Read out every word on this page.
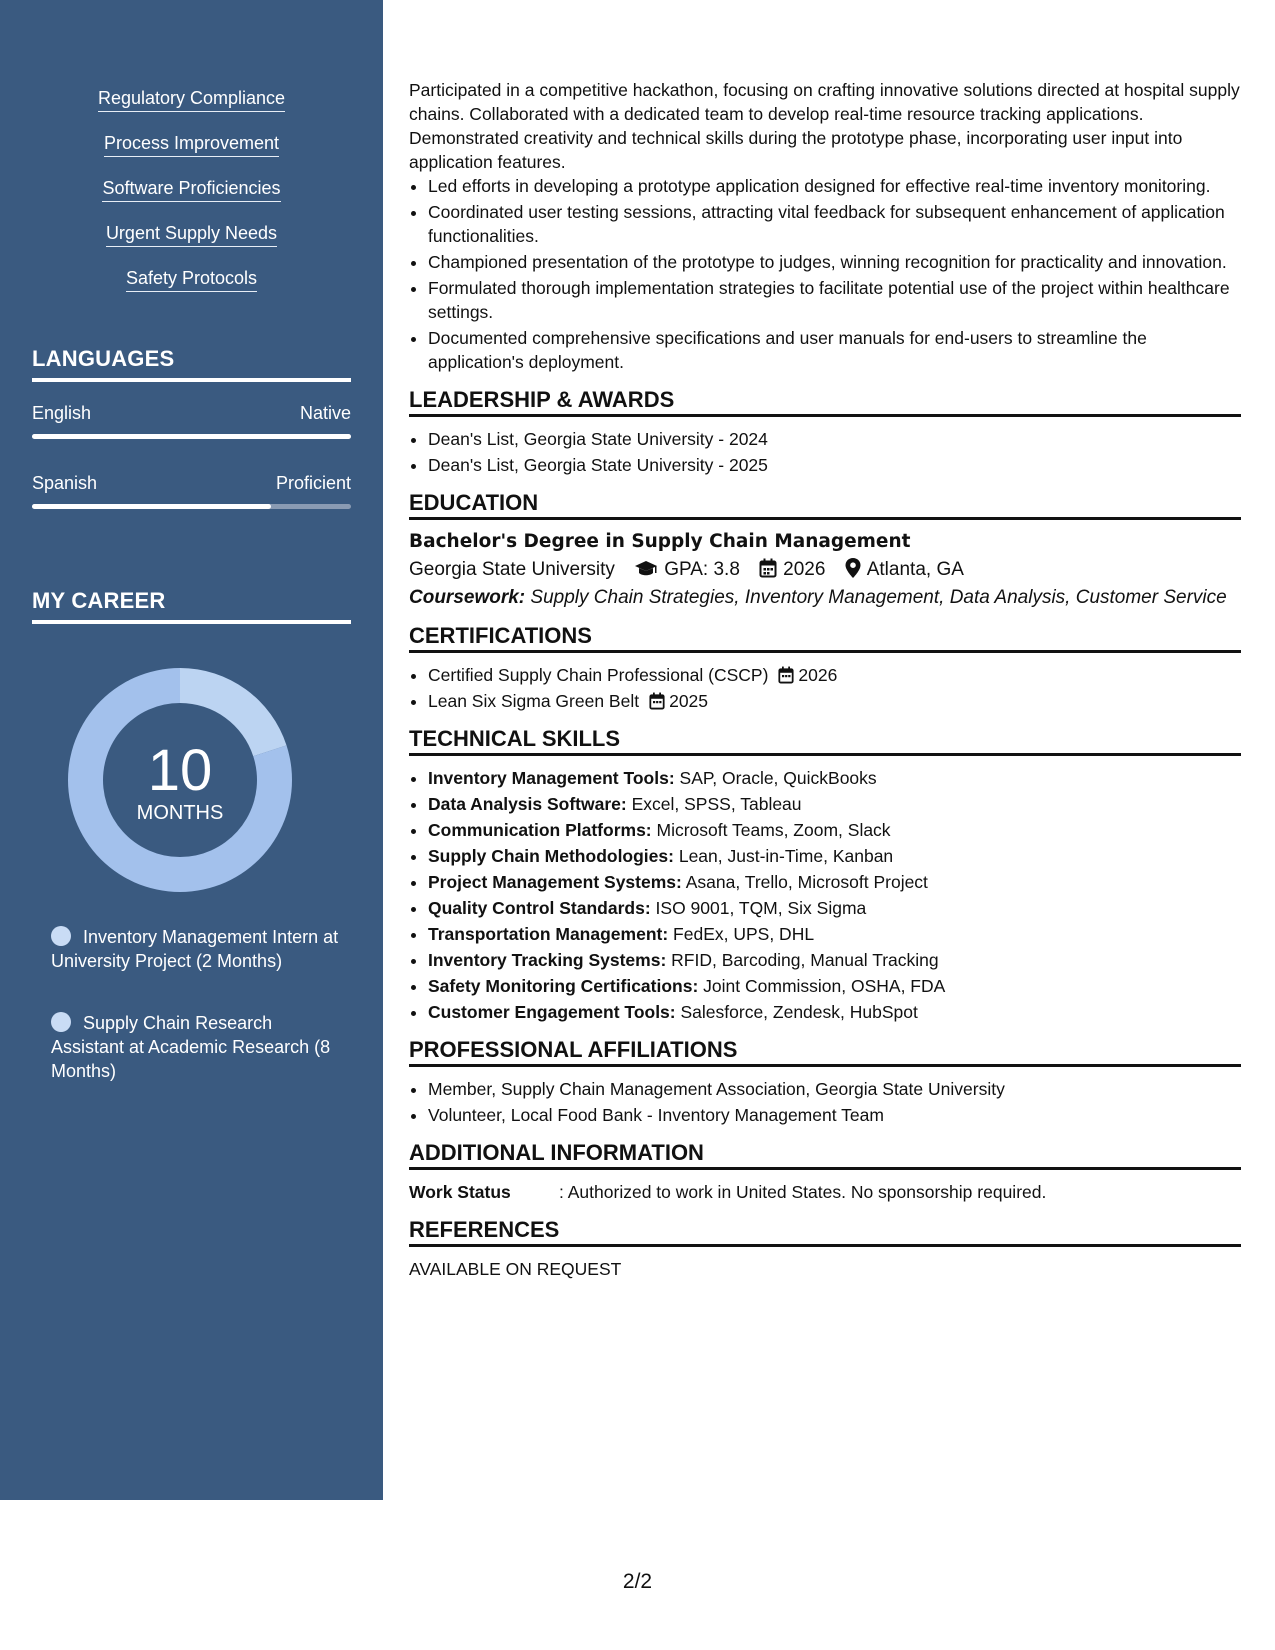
Regulatory Compliance
Process Improvement
Software Proficiencies
Urgent Supply Needs
Safety Protocols
LANGUAGES
English	Native
Spanish	Proficient
MY CAREER
10
MONTHS
Inventory Management Intern at University Project (2 Months)
Supply Chain Research Assistant at Academic Research (8 Months)

Participated in a competitive hackathon, focusing on crafting innovative solutions directed at hospital supply chains. Collaborated with a dedicated team to develop real-time resource tracking applications. Demonstrated creativity and technical skills during the prototype phase, incorporating user input into application features.

• Led efforts in developing a prototype application designed for effective real-time inventory monitoring.
• Coordinated user testing sessions, attracting vital feedback for subsequent enhancement of application functionalities.
• Championed presentation of the prototype to judges, winning recognition for practicality and innovation.
• Formulated thorough implementation strategies to facilitate potential use of the project within healthcare settings.
• Documented comprehensive specifications and user manuals for end-users to streamline the application's deployment.
LEADERSHIP & AWARDS
• Dean's List, Georgia State University - 2024
• Dean's List, Georgia State University - 2025
EDUCATION
Bachelor's Degree in Supply Chain Management
Georgia State University	GPA: 3.8 2026 Atlanta, GA
Coursework: Supply Chain Strategies, Inventory Management, Data Analysis, Customer Service
CERTIFICATIONS
• Certified Supply Chain Professional (CSCP) 2026
• Lean Six Sigma Green Belt 2025
TECHNICAL SKILLS
• Inventory Management Tools: SAP, Oracle, QuickBooks
• Data Analysis Software: Excel, SPSS, Tableau
• Communication Platforms: Microsoft Teams, Zoom, Slack
• Supply Chain Methodologies: Lean, Just-in-Time, Kanban
• Project Management Systems: Asana, Trello, Microsoft Project
• Quality Control Standards: ISO 9001, TQM, Six Sigma
• Transportation Management: FedEx, UPS, DHL
• Inventory Tracking Systems: RFID, Barcoding, Manual Tracking
• Safety Monitoring Certifications: Joint Commission, OSHA, FDA
• Customer Engagement Tools: Salesforce, Zendesk, HubSpot
PROFESSIONAL AFFILIATIONS
• Member, Supply Chain Management Association, Georgia State University
• Volunteer, Local Food Bank - Inventory Management Team
ADDITIONAL INFORMATION
Work Status	: Authorized to work in United States. No sponsorship required.
REFERENCES

AVAILABLE ON REQUEST

2/2
